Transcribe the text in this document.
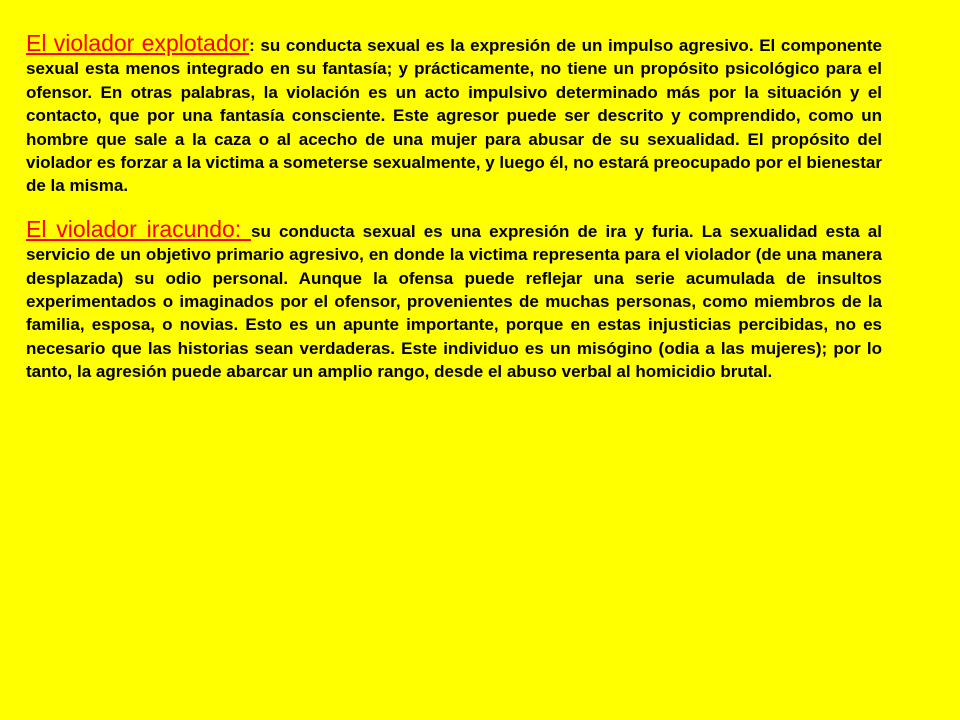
El violador explotador: su conducta sexual es la expresión de un impulso agresivo. El componente sexual esta menos integrado en su fantasía; y prácticamente, no tiene un propósito psicológico para el ofensor. En otras palabras, la violación es un acto impulsivo determinado más por la situación y el contacto, que por una fantasía consciente. Este agresor puede ser descrito y comprendido, como un hombre que sale a la caza o al acecho de una mujer para abusar de su sexualidad. El propósito del violador es forzar a la victima a someterse sexualmente, y luego él, no estará preocupado por el bienestar de la misma.

El violador iracundo: su conducta sexual es una expresión de ira y furia. La sexualidad esta al servicio de un objetivo primario agresivo, en donde la victima representa para el violador (de una manera desplazada) su odio personal. Aunque la ofensa puede reflejar una serie acumulada de insultos experimentados o imaginados por el ofensor, provenientes de muchas personas, como miembros de la familia, esposa, o novias. Esto es un apunte importante, porque en estas injusticias percibidas, no es necesario que las historias sean verdaderas. Este individuo es un misógino (odia a las mujeres); por lo tanto, la agresión puede abarcar un amplio rango, desde el abuso verbal al homicidio brutal.
